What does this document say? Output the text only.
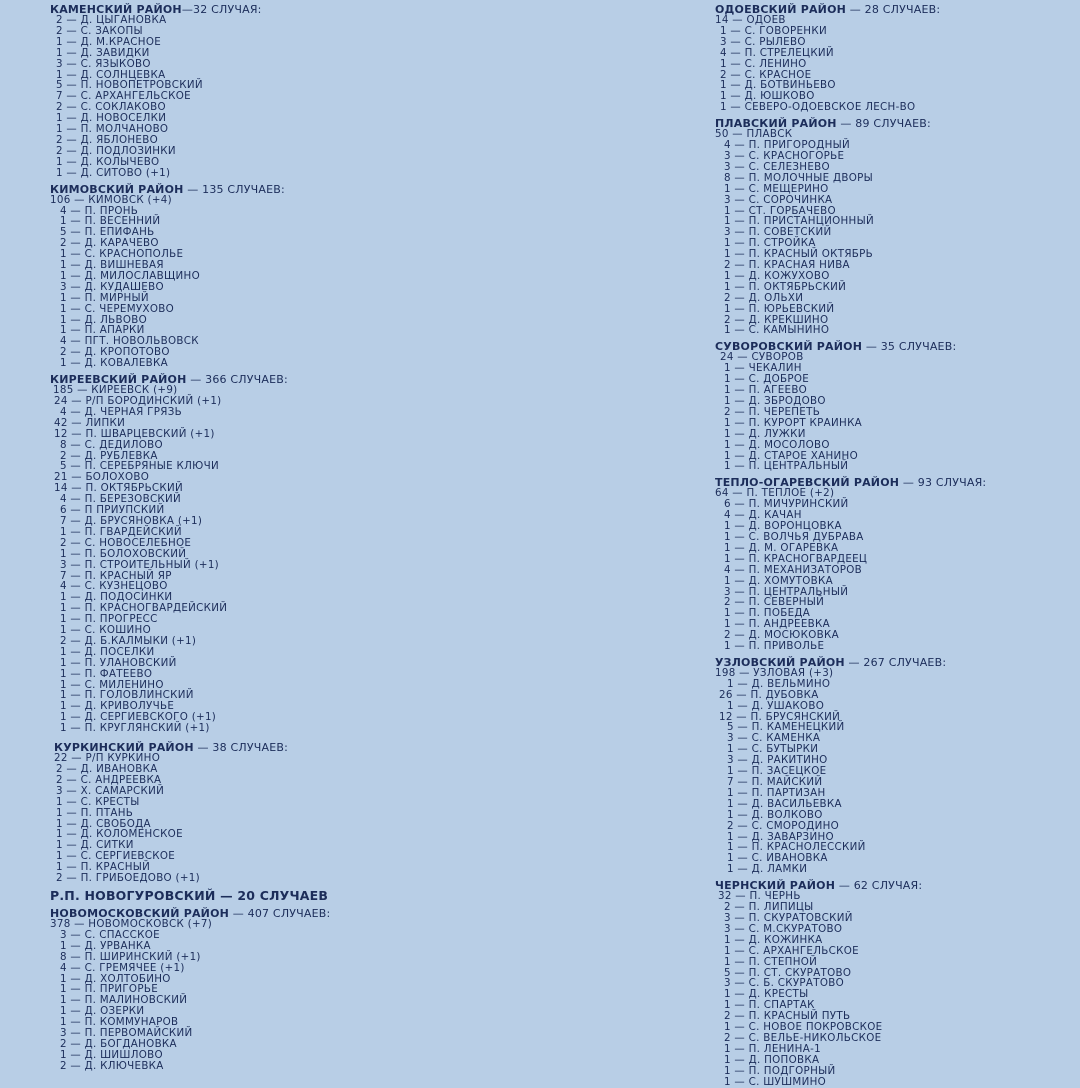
КАМЕНСКИЙ РАЙОН—32 СЛУЧАЯ:
2 — Д. ЦЫГАНОВКА
2 — С. ЗАКОПЫ
1 — Д. М.КРАСНОЕ
1 — Д. ЗАВИДКИ
3 — С. ЯЗЫКОВО
1 — Д. СОЛНЦЕВКА
5 — П. НОВОПЕТРОВСКИЙ
7 — С. АРХАНГЕЛЬСКОЕ
2 — С. СОКЛАКОВО
1 — Д. НОВОСЕЛКИ
1 — П. МОЛЧАНОВО
2 — Д. ЯБЛОНЕВО
2 — Д. ПОДЛОЗИНКИ
1 — Д. КОЛЫЧЕВО
1 — Д. СИТОВО (+1)
КИМОВСКИЙ РАЙОН — 135 СЛУЧАЕВ:
106 — КИМОВСК (+4)
4 — П. ПРОНЬ
1 — П. ВЕСЕННИЙ
5 — П. ЕПИФАНЬ
2 — Д. КАРАЧЕВО
1 — С. КРАСНОПОЛЬЕ
1 — Д. ВИШНЕВАЯ
1 — Д. МИЛОСЛАВЩИНО
3 — Д. КУДАШЕВО
1 — П. МИРНЫЙ
1 — С. ЧЕРЕМУХОВО
1 — Д. ЛЬВОВО
1 — П. АПАРКИ
4 — ПГТ. НОВОЛЬВОВСК
2 — Д. КРОПОТОВО
1 — Д. КОВАЛЕВКА
КИРЕЕВСКИЙ РАЙОН — 366 СЛУЧАЕВ:
185 — КИРЕЕВСК (+9)
24 — Р/П БОРОДИНСКИЙ (+1)
4 — Д. ЧЕРНАЯ ГРЯЗЬ
42 — ЛИПКИ
12 — П. ШВАРЦЕВСКИЙ (+1)
8 — С. ДЕДИЛОВО
2 — Д. РУБЛЕВКА
5 — П. СЕРЕБРЯНЫЕ КЛЮЧИ
21 — БОЛОХОВО
14 — П. ОКТЯБРЬСКИЙ
4 — П. БЕРЕЗОВСКИЙ
6 — П ПРИУПСКИЙ
7 — Д. БРУСЯНОВКА (+1)
1 — П. ГВАРДЕЙСКИЙ
2 — С. НОВОСЕЛЕБНОЕ
1 — П. БОЛОХОВСКИЙ
3 — П. СТРОИТЕЛЬНЫЙ (+1)
7 — П. КРАСНЫЙ ЯР
4 — С. КУЗНЕЦОВО
1 — Д. ПОДОСИНКИ
1 — П. КРАСНОГВАРДЕЙСКИЙ
1 — П. ПРОГРЕСС
1 — С. КОШИНО
2 — Д. Б.КАЛМЫКИ (+1)
1 — Д. ПОСЕЛКИ
1 — П. УЛАНОВСКИЙ
1 — П. ФАТЕЕВО
1 — С. МИЛЕНИНО
1 — П. ГОЛОВЛИНСКИЙ
1 — Д. КРИВОЛУЧЬЕ
1 — Д. СЕРГИЕВСКОГО (+1)
1 — П. КРУГЛЯНСКИЙ (+1)
КУРКИНСКИЙ РАЙОН — 38 СЛУЧАЕВ:
22 — Р/П КУРКИНО
2 — Д. ИВАНОВКА
2 — С. АНДРЕЕВКА
3 — Х. САМАРСКИЙ
1 — С. КРЕСТЫ
1 — П. ПТАНЬ
1 — Д. СВОБОДА
1 — Д. КОЛОМЕНСКОЕ
1 — Д. СИТКИ
1 — С. СЕРГИЕВСКОЕ
1 — П. КРАСНЫЙ
2 — П. ГРИБОЕДОВО (+1)
Р.П. НОВОГУРОВСКИЙ — 20 СЛУЧАЕВ
НОВОМОСКОВСКИЙ РАЙОН — 407 СЛУЧАЕВ:
378 — НОВОМОСКОВСК (+7)
3 — С. СПАССКОЕ
1 — Д. УРВАНКА
8 — П. ШИРИНСКИЙ (+1)
4 — С. ГРЕМЯЧЕЕ (+1)
1 — Д. ХОЛТОБИНО
1 — П. ПРИГОРЬЕ
1 — П. МАЛИНОВСКИЙ
1 — Д. ОЗЕРКИ
1 — П. КОММУНАРОВ
3 — П. ПЕРВОМАЙСКИЙ
2 — Д. БОГДАНОВКА
1 — Д. ШИШЛОВО
2 — Д. КЛЮЧЕВКА
ОДОЕВСКИЙ РАЙОН — 28 СЛУЧАЕВ:
14 — ОДОЕВ
1 — С. ГОВОРЕНКИ
3 — С. РЫЛЕВО
4 — П. СТРЕЛЕЦКИЙ
1 — С. ЛЕНИНО
2 — С. КРАСНОЕ
1 — Д. БОТВИНЬЕВО
1 — Д. ЮШКОВО
1 — СЕВЕРО-ОДОЕВСКОЕ ЛЕСН-ВО
ПЛАВСКИЙ РАЙОН — 89 СЛУЧАЕВ:
50 — ПЛАВСК
4 — П. ПРИГОРОДНЫЙ
3 — С. КРАСНОГОРЬЕ
3 — С. СЕЛЕЗНЕВО
8 — П. МОЛОЧНЫЕ ДВОРЫ
1 — С. МЕЩЕРИНО
3 — С. СОРОЧИНКА
1 — СТ. ГОРБАЧЕВО
1 — П. ПРИСТАНЦИОННЫЙ
3 — П. СОВЕТСКИЙ
1 — П. СТРОЙКА
1 — П. КРАСНЫЙ ОКТЯБРЬ
2 — П. КРАСНАЯ НИВА
1 — Д. КОЖУХОВО
1 — П. ОКТЯБРЬСКИЙ
2 — Д. ОЛЬХИ
1 — П. ЮРЬЕВСКИЙ
2 — Д. КРЕКШИНО
1 — С. КАМЫНИНО
СУВОРОВСКИЙ РАЙОН — 35 СЛУЧАЕВ:
24 — СУВОРОВ
1 — ЧЕКАЛИН
1 — С. ДОБРОЕ
1 — П. АГЕЕВО
1 — Д. ЗБРОДОВО
2 — П. ЧЕРЕПЕТЬ
1 — П. КУРОРТ КРАИНКА
1 — Д. ЛУЖКИ
1 — Д. МОСОЛОВО
1 — Д. СТАРОЕ ХАНИНО
1 — П. ЦЕНТРАЛЬНЫЙ
ТЕПЛО-ОГАРЕВСКИЙ РАЙОН — 93 СЛУЧАЯ:
64 — П. ТЕПЛОЕ (+2)
6 — П. МИЧУРИНСКИЙ
4 — Д. КАЧАН
1 — Д. ВОРОНЦОВКА
1 — С. ВОЛЧЬЯ ДУБРАВА
1 — Д. М. ОГАРЕВКА
1 — П. КРАСНОГВАРДЕЕЦ
4 — П. МЕХАНИЗАТОРОВ
1 — Д. ХОМУТОВКА
3 — П. ЦЕНТРАЛЬНЫЙ
2 — П. СЕВЕРНЫЙ
1 — П. ПОБЕДА
1 — П. АНДРЕЕВКА
2 — Д. МОСЮКОВКА
1 — П. ПРИВОЛЬЕ
УЗЛОВСКИЙ РАЙОН — 267 СЛУЧАЕВ:
198 — УЗЛОВАЯ (+3)
1 — Д. ВЕЛЬМИНО
26 — П. ДУБОВКА
1 — Д. УШАКОВО
12 — П. БРУСЯНСКИЙ
5 — П. КАМЕНЕЦКИЙ
3 — С. КАМЕНКА
1 — С. БУТЫРКИ
3 — Д. РАКИТИНО
1 — П. ЗАСЕЦКОЕ
7 — П. МАЙСКИЙ
1 — П. ПАРТИЗАН
1 — Д. ВАСИЛЬЕВКА
1 — Д. ВОЛКОВО
2 — С. СМОРОДИНО
1 — Д. ЗАВАРЗИНО
1 — П. КРАСНОЛЕССКИЙ
1 — С. ИВАНОВКА
1 — Д. ЛАМКИ
ЧЕРНСКИЙ РАЙОН — 62 СЛУЧАЯ:
32 — П. ЧЕРНЬ
2 — П. ЛИПИЦЫ
3 — П. СКУРАТОВСКИЙ
3 — С. М.СКУРАТОВО
1 — Д. КОЖИНКА
1 — С. АРХАНГЕЛЬСКОЕ
1 — П. СТЕПНОЙ
5 — П. СТ. СКУРАТОВО
3 — С. Б. СКУРАТОВО
1 — Д. КРЕСТЫ
1 — П. СПАРТАК
2 — П. КРАСНЫЙ ПУТЬ
1 — С. НОВОЕ ПОКРОВСКОЕ
2 — С. ВЕЛЬЕ-НИКОЛЬСКОЕ
1 — П. ЛЕНИНА-1
1 — Д. ПОПОВКА
1 — П. ПОДГОРНЫЙ
1 — С. ШУШМИНО
